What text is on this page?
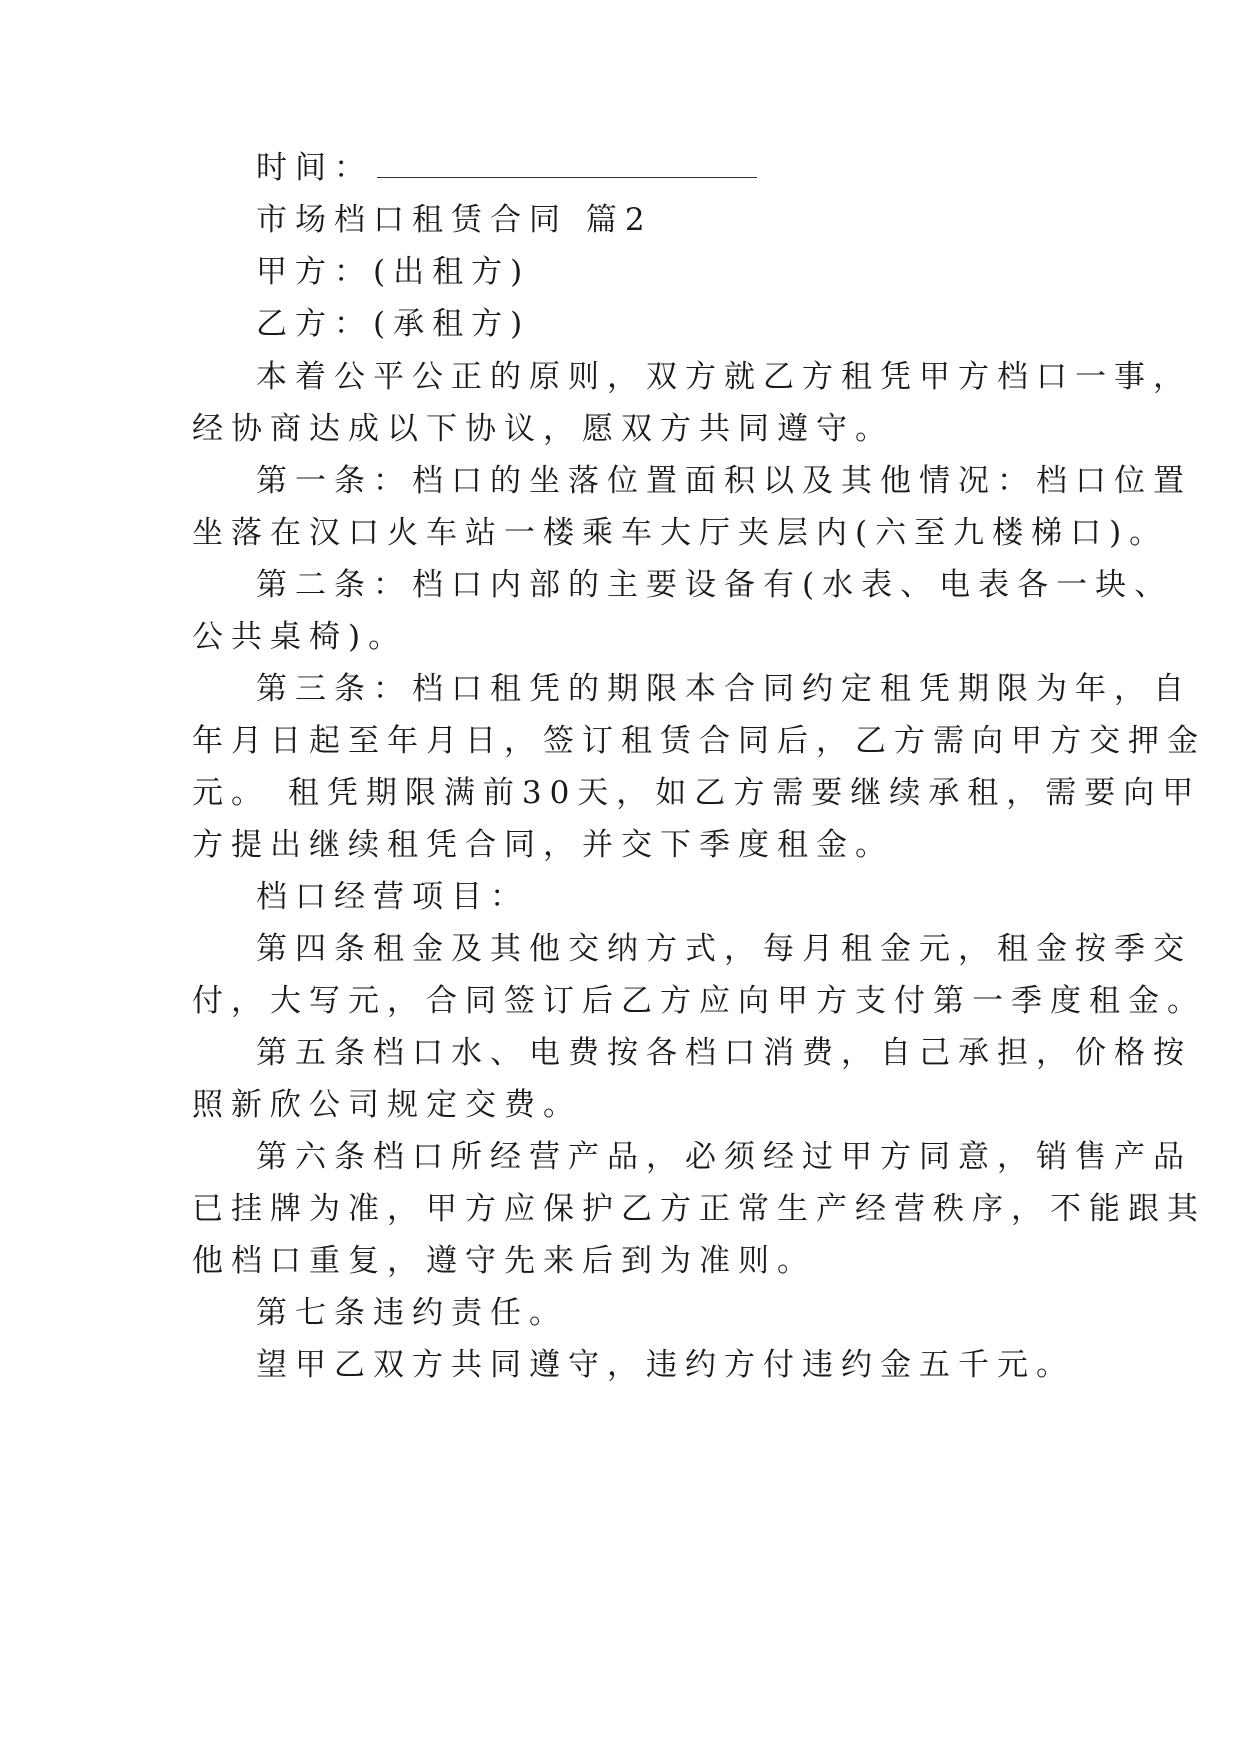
时间：
市场档口租赁合同 篇2
甲方：(出租方)
乙方：(承租方)
本着公平公正的原则，双方就乙方租凭甲方档口一事，
经协商达成以下协议，愿双方共同遵守。
第一条：档口的坐落位置面积以及其他情况：档口位置
坐落在汉口火车站一楼乘车大厅夹层内(六至九楼梯口)。
第二条：档口内部的主要设备有(水表、电表各一块、
公共桌椅)。
第三条：档口租凭的期限本合同约定租凭期限为年，自
年月日起至年月日，签订租赁合同后，乙方需向甲方交押金
元。 租凭期限满前30天，如乙方需要继续承租，需要向甲
方提出继续租凭合同，并交下季度租金。
档口经营项目：
第四条租金及其他交纳方式，每月租金元，租金按季交
付，大写元，合同签订后乙方应向甲方支付第一季度租金。
第五条档口水、电费按各档口消费，自己承担，价格按
照新欣公司规定交费。
第六条档口所经营产品，必须经过甲方同意，销售产品
已挂牌为准，甲方应保护乙方正常生产经营秩序，不能跟其
他档口重复，遵守先来后到为准则。
第七条违约责任。
望甲乙双方共同遵守，违约方付违约金五千元。
